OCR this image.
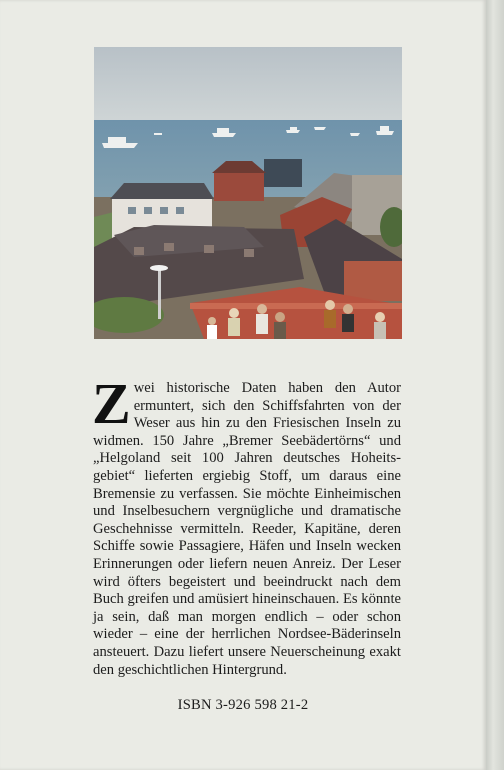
Zwei historische Daten haben den Autor ermuntert, sich den Schiffsfahrten von der Weser aus hin zu den Friesischen Inseln zu widmen. 150 Jahre „Bremer Seebädertörns“ und „Helgoland seit 100 Jahren deutsches Hoheitsgebiet“ lieferten ergiebig Stoff, um daraus eine Bremensie zu verfassen. Sie möchte Einheimischen und Inselbesuchern vergnügliche und dramatische Geschehnisse vermitteln. Reeder, Kapitäne, deren Schiffe sowie Passagiere, Häfen und Inseln wecken Erinnerungen oder liefern neuen Anreiz. Der Leser wird öfters begeistert und beeindruckt nach dem Buch greifen und amüsiert hineinschauen. Es könnte ja sein, daß man morgen endlich – oder schon wieder – eine der herrlichen Nordsee-Bäderinseln ansteuert. Dazu liefert unsere Neuerscheinung exakt den geschichtlichen Hintergrund.
ISBN 3-926 598 21-2
